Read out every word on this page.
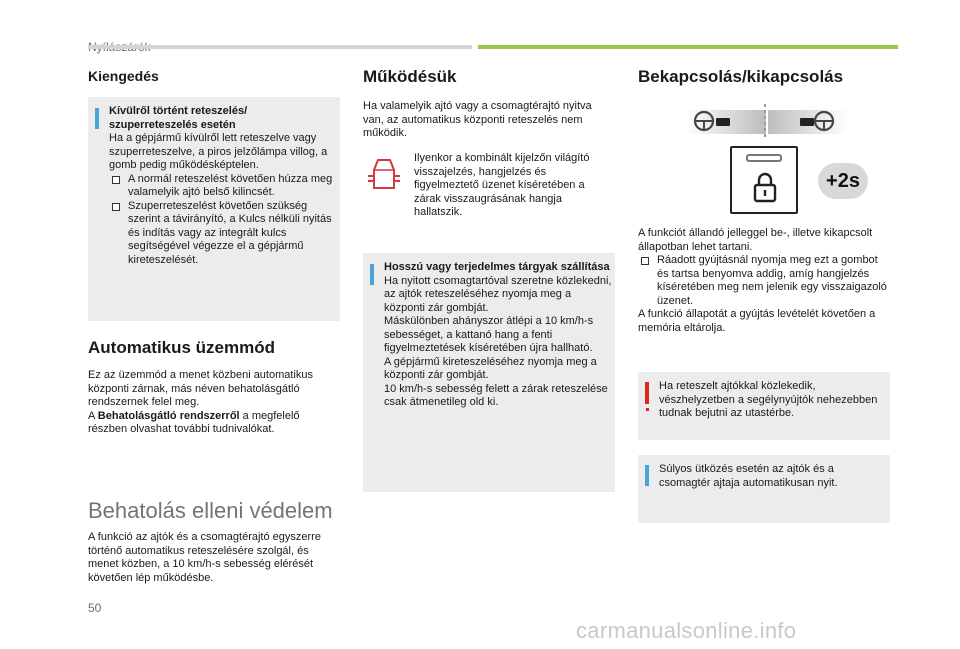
Kiengedés
Kívülről történt reteszelés/ szuperreteszelés esetén
Ha a gépjármű kívülről lett reteszelve vagy szuperreteszelve, a piros jelzőlámpa villog, a gomb pedig működésképtelen.
A normál reteszelést követően húzza meg valamelyik ajtó belső kilincsét.
Szuperreteszelést követően szükség szerint a távirányító, a Kulcs nélküli nyitás és indítás vagy az integrált kulcs segítségével végezze el a gépjármű kireteszelését.
Automatikus üzemmód
Ez az üzemmód a menet közbeni automatikus központi zárnak, más néven behatolásgátló rendszernek felel meg.
A Behatolásgátló rendszerről a megfelelő részben olvashat további tudnivalókat.
Behatolás elleni védelem
A funkció az ajtók és a csomagtérajtó egyszerre történő automatikus reteszelésére szolgál, és menet közben, a 10 km/h-s sebesség elérését követően lép működésbe.
Működésük
Ha valamelyik ajtó vagy a csomagtérajtó nyitva van, az automatikus központi reteszelés nem működik.
Ilyenkor a kombinált kijelzőn világító visszajelzés, hangjelzés és figyelmeztető üzenet kíséretében a zárak visszaugrásának hangja hallatszik.
Hosszú vagy terjedelmes tárgyak szállítása
Ha nyitott csomagtartóval szeretne közlekedni, az ajtók reteszeléséhez nyomja meg a központi zár gombját.
Máskülönben ahányszor átlépi a 10 km/h-s sebességet, a kattanó hang a fenti figyelmeztetések kíséretében újra hallható.
A gépjármű kireteszeléséhez nyomja meg a központi zár gombját.
10 km/h-s sebesség felett a zárak reteszelése csak átmenetileg old ki.
Bekapcsolás/kikapcsolás
+2s
A funkciót állandó jelleggel be-, illetve kikapcsolt állapotban lehet tartani.
Ráadott gyújtásnál nyomja meg ezt a gombot és tartsa benyomva addig, amíg hangjelzés kíséretében meg nem jelenik egy visszaigazoló üzenet.
A funkció állapotát a gyújtás levételét követően a memória eltárolja.
Ha reteszelt ajtókkal közlekedik, vészhelyzetben a segélynyújtók nehezebben tudnak bejutni az utastérbe.
Súlyos ütközés esetén az ajtók és a csomagtér ajtaja automatikusan nyit.
50
carmanualsonline.info
